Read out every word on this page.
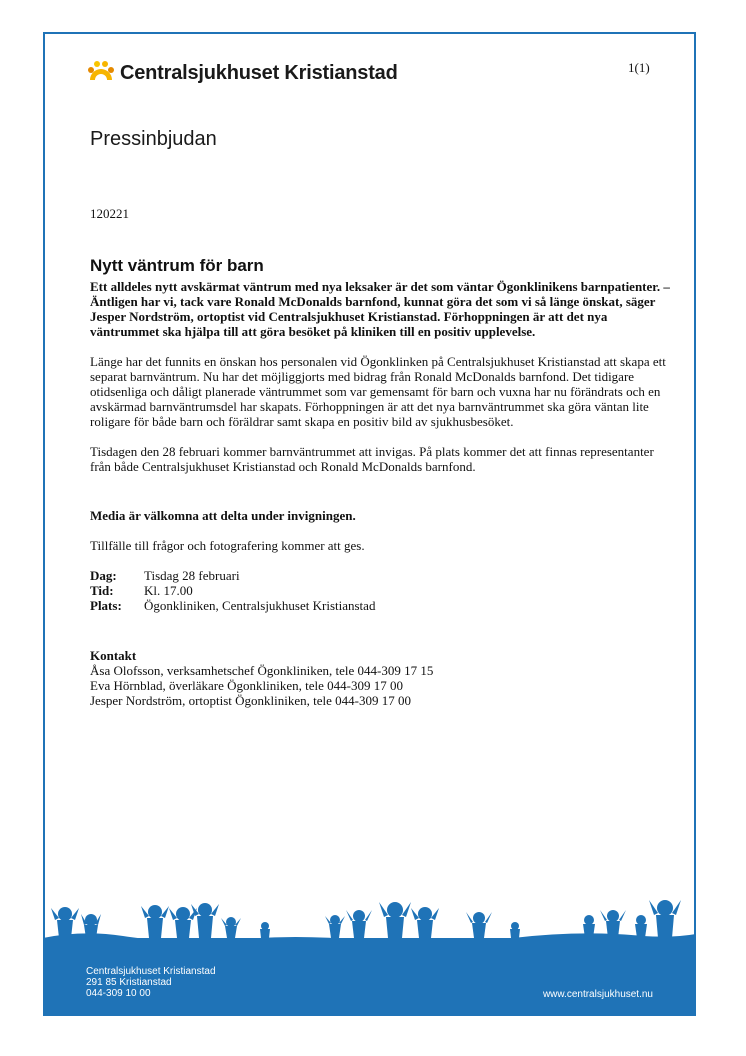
Centralsjukhuset Kristianstad	1(1)
Pressinbjudan
120221
Nytt väntrum för barn

Ett alldeles nytt avskärmat väntrum med nya leksaker är det som väntar Ögonklinikens barnpatienter. – Äntligen har vi, tack vare Ronald McDonalds barnfond, kunnat göra det som vi så länge önskat, säger Jesper Nordström, ortoptist vid Centralsjukhuset Kristianstad. Förhoppningen är att det nya väntrummet ska hjälpa till att göra besöket på kliniken till en positiv upplevelse.

Länge har det funnits en önskan hos personalen vid Ögonklinken på Centralsjukhuset Kristianstad att skapa ett separat barnväntrum. Nu har det möjliggjorts med bidrag från Ronald McDonalds barnfond. Det tidigare otidsenliga och dåligt planerade väntrummet som var gemensamt för barn och vuxna har nu förändrats och en avskärmad barnväntrumsdel har skapats. Förhoppningen är att det nya barnväntrummet ska göra väntan lite roligare för både barn och föräldrar samt skapa en positiv bild av sjukhusbesöket.

Tisdagen den 28 februari kommer barnväntrummet att invigas. På plats kommer det att finnas representanter från både Centralsjukhuset Kristianstad och Ronald McDonalds barnfond.

Media är välkomna att delta under invigningen.

Tillfälle till frågor och fotografering kommer att ges.

Dag:	Tisdag 28 februari
Tid:	Kl. 17.00
Plats:	Ögonkliniken, Centralsjukhuset Kristianstad
Kontakt
Åsa Olofsson, verksamhetschef Ögonkliniken, tele 044-309 17 15
Eva Hörnblad, överläkare Ögonkliniken, tele 044-309 17 00
Jesper Nordström, ortoptist Ögonkliniken, tele 044-309 17 00
Centralsjukhuset Kristianstad
291 85 Kristianstad
044-309 10 00	www.centralsjukhuset.nu
